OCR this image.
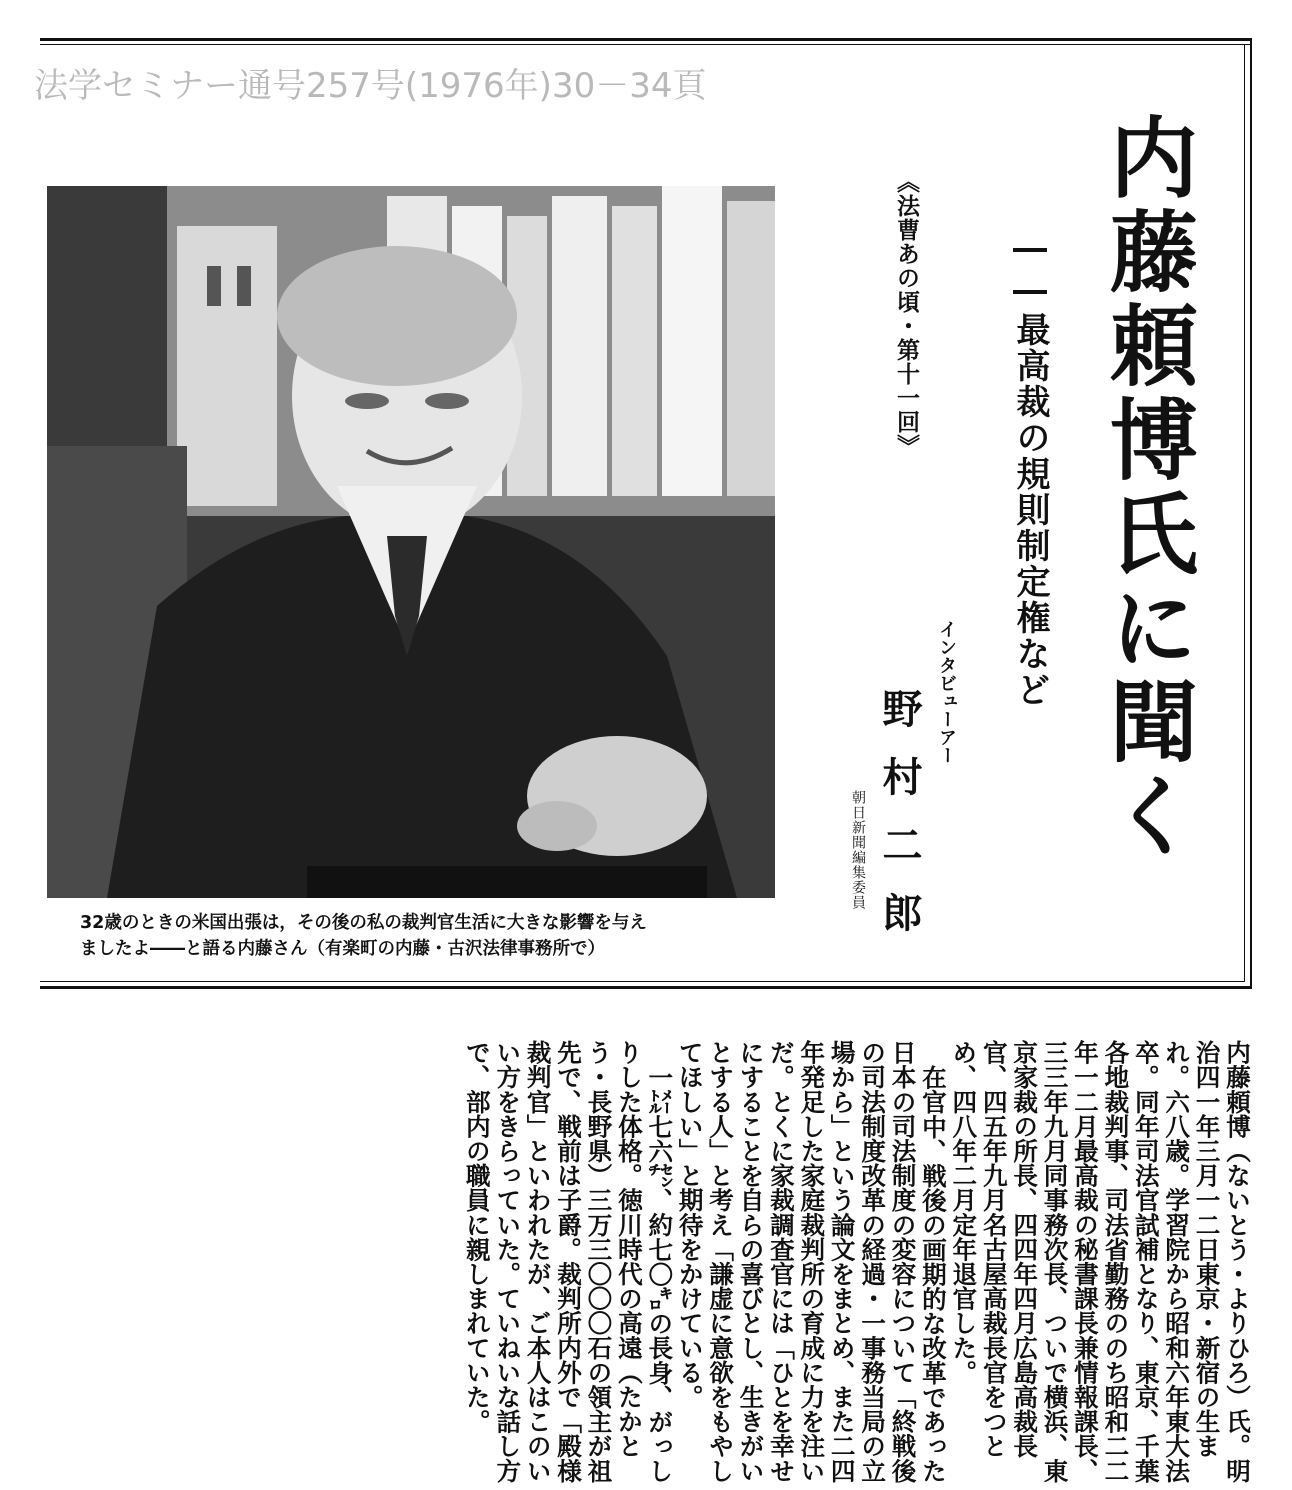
法学セミナー通号257号(1976年)30－34頁
32歳のときの米国出張は，その後の私の裁判官生活に大きな影響を与え
ましたよ――と語る内藤さん（有楽町の内藤・古沢法律事務所で）
内藤頼博氏に聞く
――最高裁の規則制定権など
《法曹あの頃・第十一回》
インタビューアー
野村二郎
朝日新聞編集委員

内藤頼博（ないとう・よりひろ）氏。明治四一年三月一二日東京・新宿の生まれ。六八歳。学習院から昭和六年東大法卒。同年司法官試補となり、東京、千葉各地裁判事、司法省勤務ののち昭和二二年一二月最高裁の秘書課長兼情報課長、三三年九月同事務次長、ついで横浜、東京家裁の所長、四四年四月広島高裁長官、四五年九月名古屋高裁長官をつとめ、四八年二月定年退官した。

在官中、戦後の画期的な改革であった日本の司法制度の変容について「終戦後の司法制度改革の経過・一事務当局の立場から」という論文をまとめ、また二四年発足した家庭裁判所の育成に力を注いだ。とくに家裁調査官には「ひとを幸せにすることを自らの喜びとし、生きがいとする人」と考え「謙虚に意欲をもやしてほしい」と期待をかけている。

一㍍七六㌢、約七〇㌔の長身、がっしりした体格。徳川時代の高遠（たかとう・長野県）三万三〇〇〇石の領主が祖先で、戦前は子爵。裁判所内外で「殿様裁判官」といわれたが、ご本人はこのいい方をきらっていた。ていねいな話し方で、部内の職員に親しまれていた。
